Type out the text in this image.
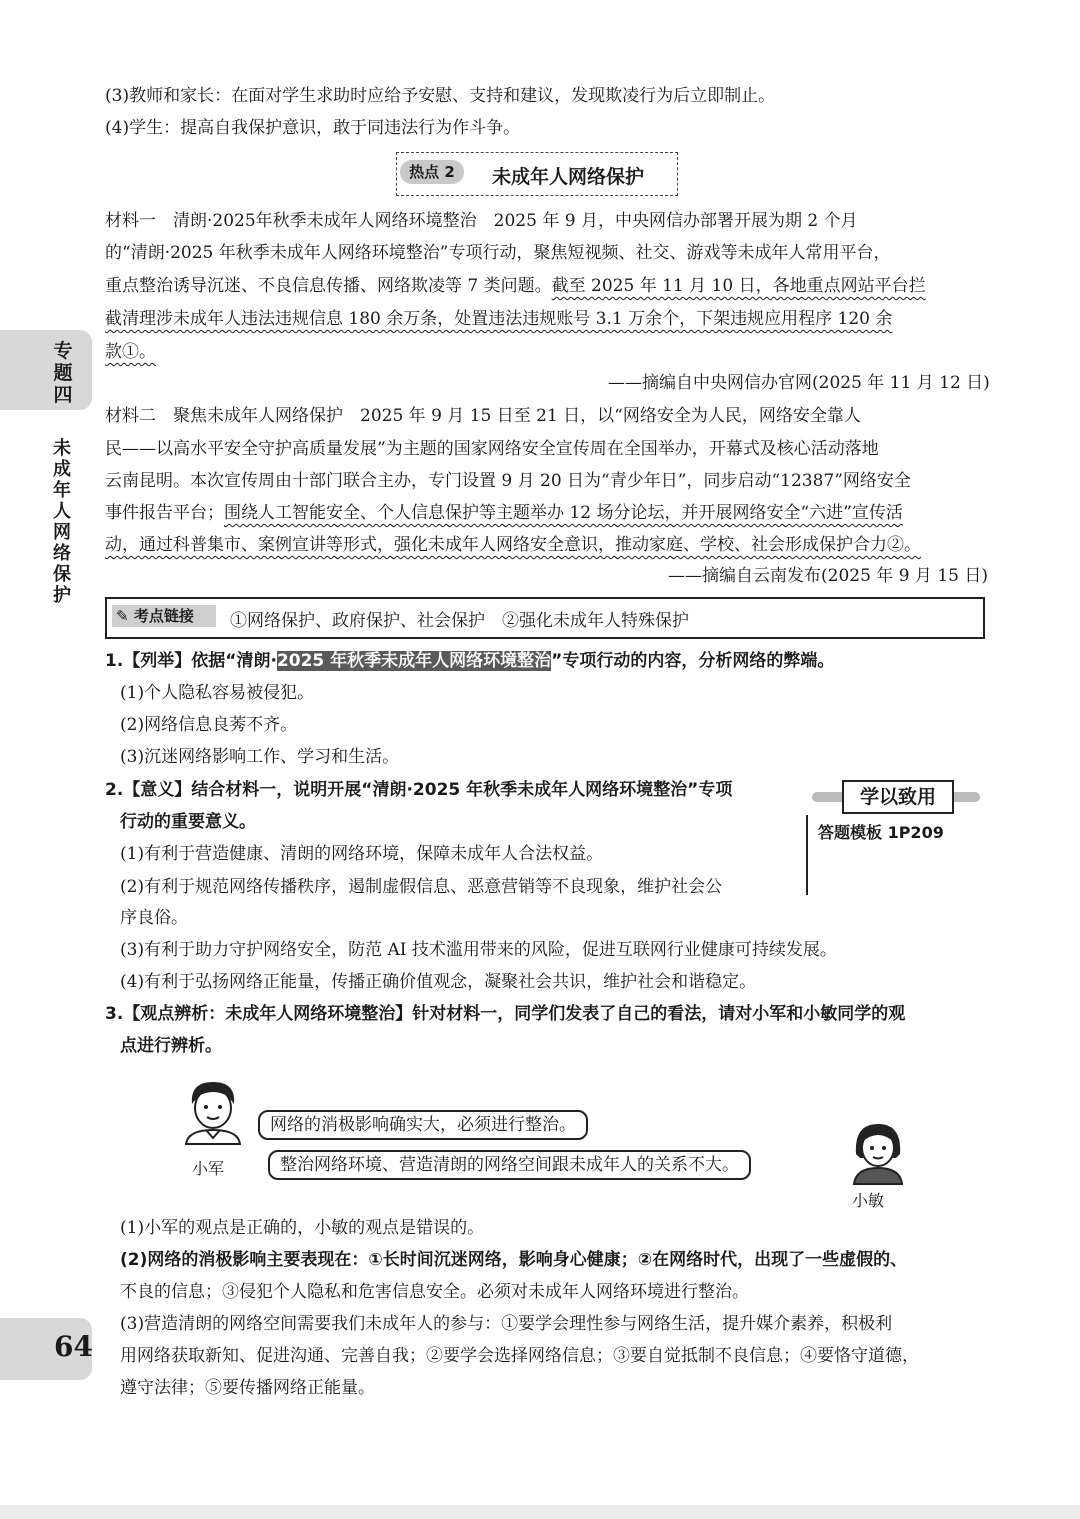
专
题
四
未
成
年
人
网
络
保
护
64
(3)教师和家长：在面对学生求助时应给予安慰、支持和建议，发现欺凌行为后立即制止。
(4)学生：提高自我保护意识，敢于同违法行为作斗争。
热点 2	未成年人网络保护
材料一　清朗·2025年秋季未成年人网络环境整治　2025 年 9 月，中央网信办部署开展为期 2 个月
的“清朗·2025 年秋季未成年人网络环境整治”专项行动，聚焦短视频、社交、游戏等未成年人常用平台，
重点整治诱导沉迷、不良信息传播、网络欺凌等 7 类问题。截至 2025 年 11 月 10 日，各地重点网站平台拦
截清理涉未成年人违法违规信息 180 余万条，处置违法违规账号 3.1 万余个，下架违规应用程序 120 余
款①。
——摘编自中央网信办官网(2025 年 11 月 12 日)
材料二　聚焦未成年人网络保护　2025 年 9 月 15 日至 21 日，以“网络安全为人民，网络安全靠人
民——以高水平安全守护高质量发展”为主题的国家网络安全宣传周在全国举办，开幕式及核心活动落地
云南昆明。本次宣传周由十部门联合主办，专门设置 9 月 20 日为“青少年日”，同步启动“12387”网络安全
事件报告平台；围绕人工智能安全、个人信息保护等主题举办 12 场分论坛，并开展网络安全“六进”宣传活
动，通过科普集市、案例宣讲等形式，强化未成年人网络安全意识，推动家庭、学校、社会形成保护合力②。
——摘编自云南发布(2025 年 9 月 15 日)
✎ 考点链接	①网络保护、政府保护、社会保护　②强化未成年人特殊保护
1.【列举】依据“清朗·2025 年秋季未成年人网络环境整治”专项行动的内容，分析网络的弊端。
(1)个人隐私容易被侵犯。
(2)网络信息良莠不齐。
(3)沉迷网络影响工作、学习和生活。
2.【意义】结合材料一，说明开展“清朗·2025 年秋季未成年人网络环境整治”专项
行动的重要意义。
(1)有利于营造健康、清朗的网络环境，保障未成年人合法权益。
(2)有利于规范网络传播秩序，遏制虚假信息、恶意营销等不良现象，维护社会公
序良俗。
(3)有利于助力守护网络安全，防范 AI 技术滥用带来的风险，促进互联网行业健康可持续发展。
(4)有利于弘扬网络正能量，传播正确价值观念，凝聚社会共识，维护社会和谐稳定。
学以致用
答题模板 1P209
3.【观点辨析：未成年人网络环境整治】针对材料一，同学们发表了自己的看法，请对小军和小敏同学的观
点进行辨析。
网络的消极影响确实大，必须进行整治。
小军	整治网络环境、营造清朗的网络空间跟未成年人的关系不大。
小敏
(1)小军的观点是正确的，小敏的观点是错误的。
(2)网络的消极影响主要表现在：①长时间沉迷网络，影响身心健康；②在网络时代，出现了一些虚假的、
不良的信息；③侵犯个人隐私和危害信息安全。必须对未成年人网络环境进行整治。
(3)营造清朗的网络空间需要我们未成年人的参与：①要学会理性参与网络生活，提升媒介素养，积极利
用网络获取新知、促进沟通、完善自我；②要学会选择网络信息；③要自觉抵制不良信息；④要恪守道德，
遵守法律；⑤要传播网络正能量。
